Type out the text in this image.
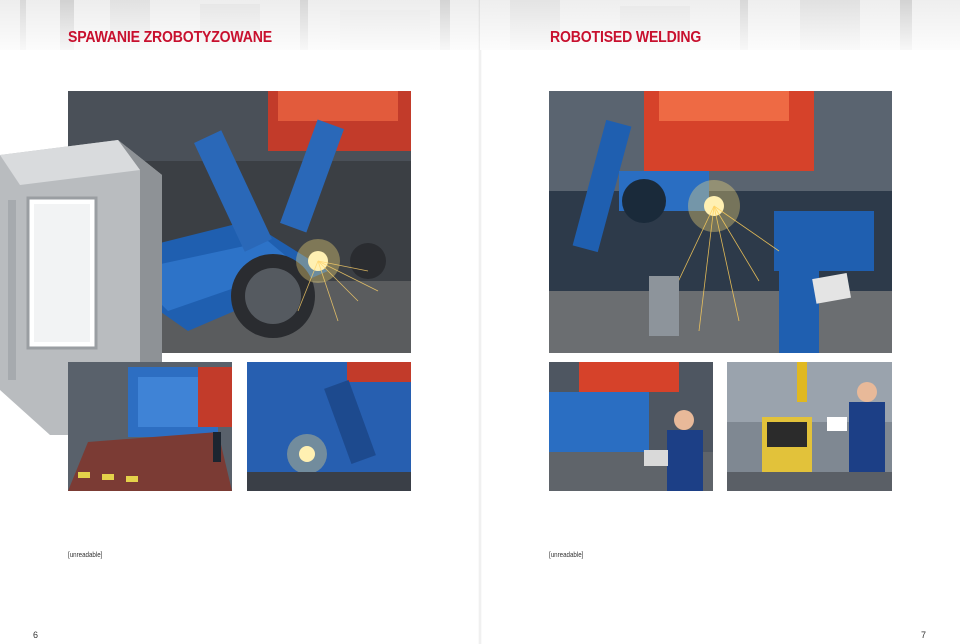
SPAWANIE ZROBOTYZOWANE

[unreadable]

6
ROBOTISED WELDING

[unreadable]

7
